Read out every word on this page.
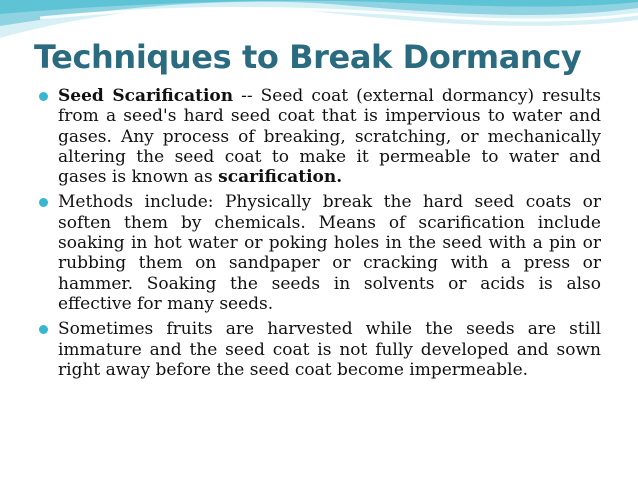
Techniques to Break Dormancy
Seed Scarification -- Seed coat (external dormancy) results from a seed's hard seed coat that is impervious to water and gases. Any process of breaking, scratching, or mechanically altering the seed coat to make it permeable to water and gases is known as scarification.
Methods include: Physically break the hard seed coats or soften them by chemicals. Means of scarification include soaking in hot water or poking holes in the seed with a pin or rubbing them on sandpaper or cracking with a press or hammer. Soaking the seeds in solvents or acids is also effective for many seeds.
Sometimes fruits are harvested while the seeds are still immature and the seed coat is not fully developed and sown right away before the seed coat become impermeable.
